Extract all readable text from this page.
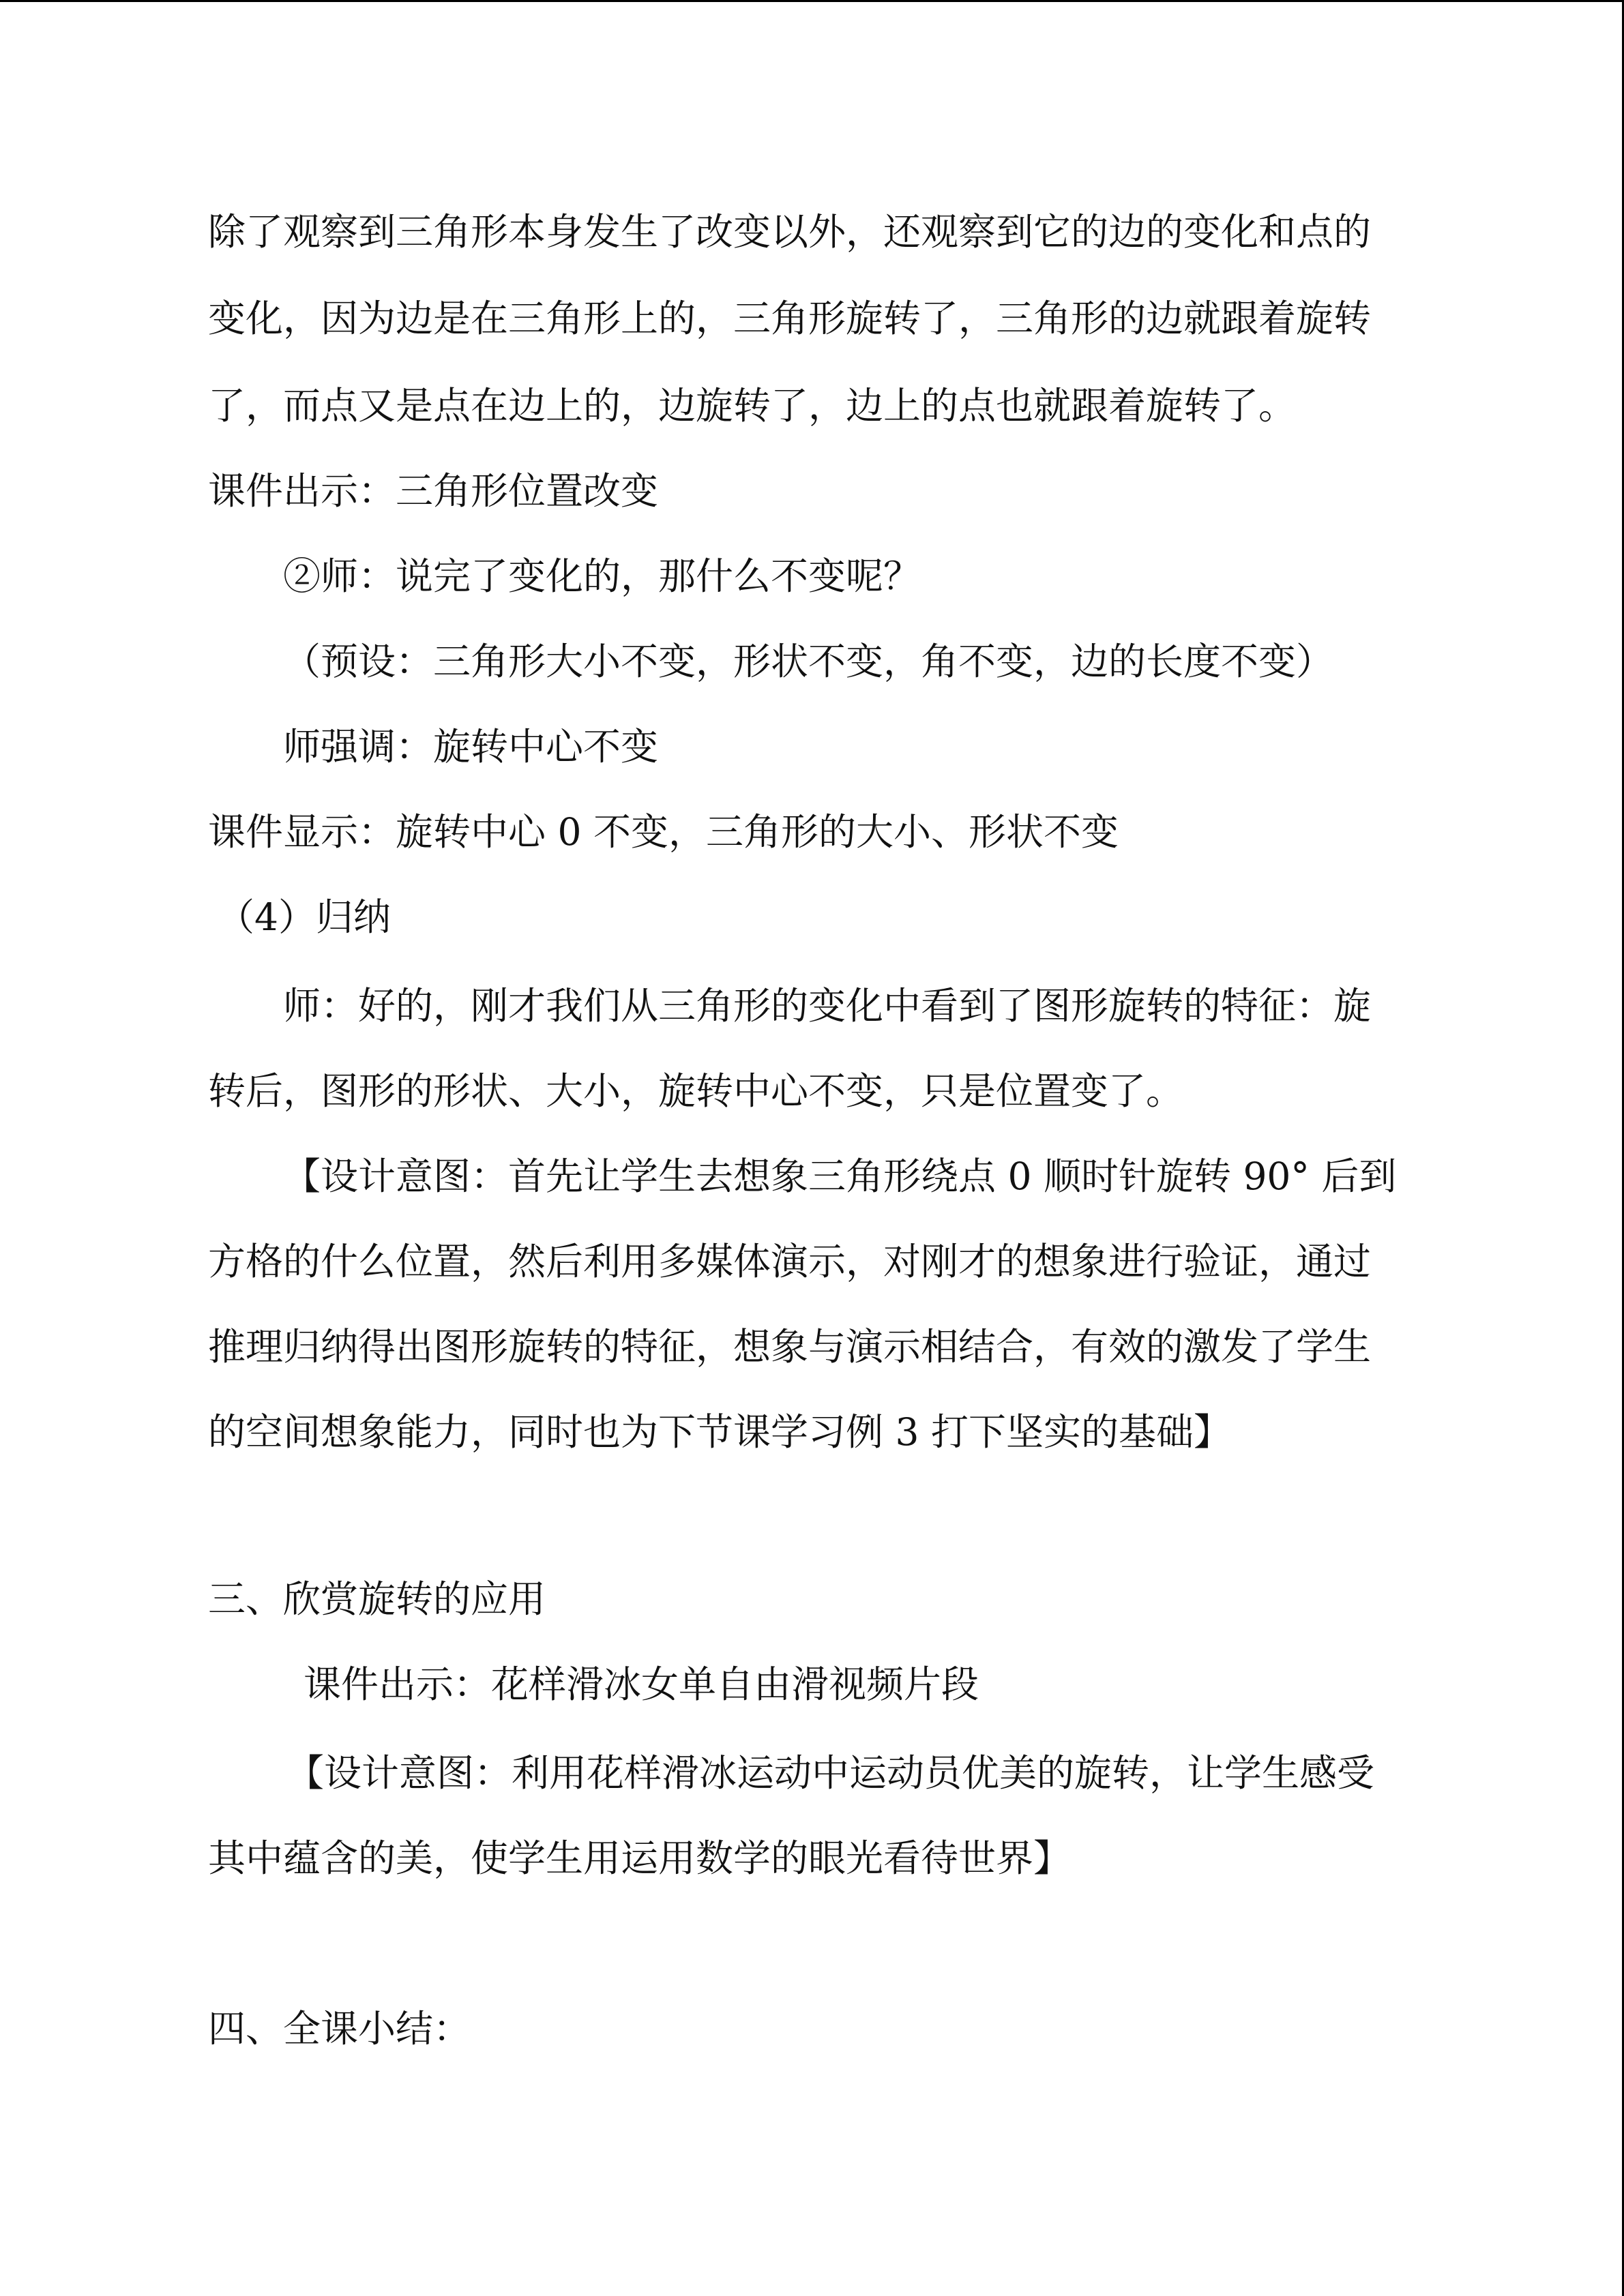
除了观察到三角形本身发生了改变以外，还观察到它的边的变化和点的
变化，因为边是在三角形上的，三角形旋转了，三角形的边就跟着旋转
了，而点又是点在边上的，边旋转了，边上的点也就跟着旋转了。
课件出示：三角形位置改变
②师：说完了变化的，那什么不变呢？
（预设：三角形大小不变，形状不变，角不变，边的长度不变）
师强调：旋转中心不变
课件显示：旋转中心 0 不变，三角形的大小、形状不变
（4）归纳
师：好的，刚才我们从三角形的变化中看到了图形旋转的特征：旋
转后，图形的形状、大小，旋转中心不变，只是位置变了。
【设计意图：首先让学生去想象三角形绕点 0 顺时针旋转 90° 后到
方格的什么位置，然后利用多媒体演示，对刚才的想象进行验证，通过
推理归纳得出图形旋转的特征，想象与演示相结合，有效的激发了学生
的空间想象能力，同时也为下节课学习例 3 打下坚实的基础】
三、欣赏旋转的应用
课件出示：花样滑冰女单自由滑视频片段
【设计意图：利用花样滑冰运动中运动员优美的旋转，让学生感受
其中蕴含的美，使学生用运用数学的眼光看待世界】
四、全课小结：
